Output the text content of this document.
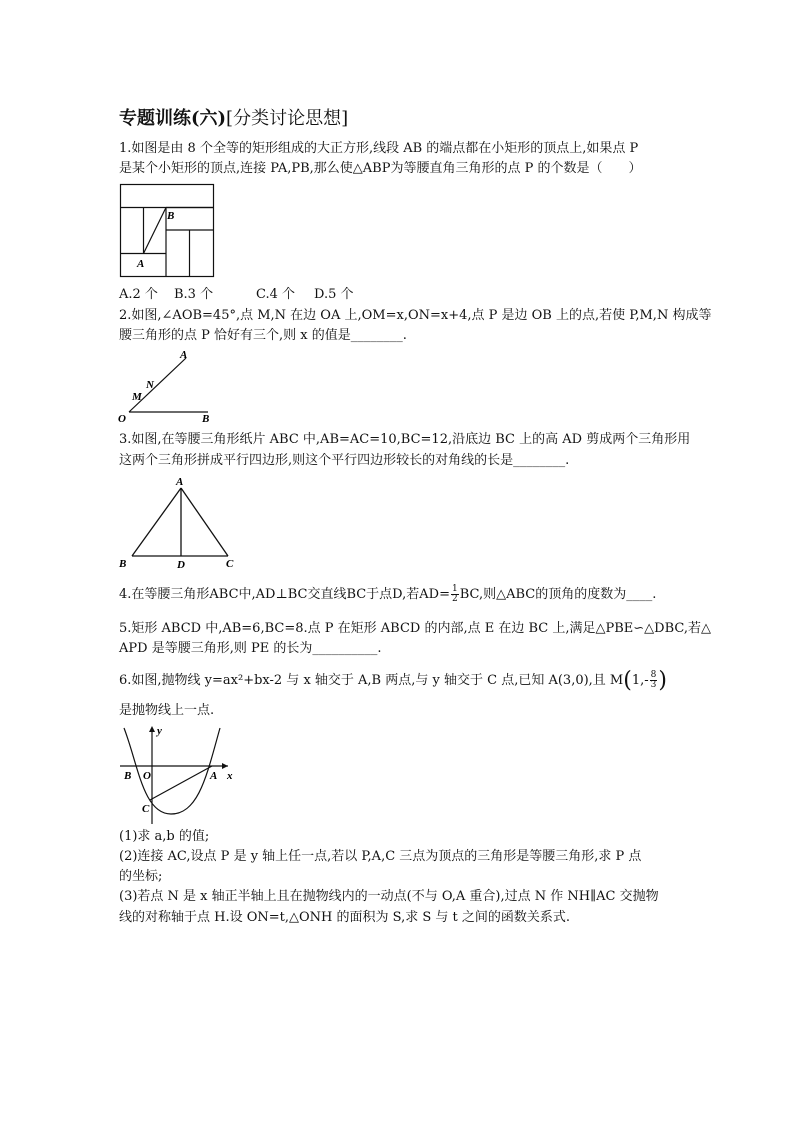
专题训练(六)[分类讨论思想]
1.如图是由 8 个全等的矩形组成的大正方形,线段 AB 的端点都在小矩形的顶点上,如果点 P
是某个小矩形的顶点,连接 PA,PB,那么使△ABP为等腰直角三角形的点 P 的个数是（　　）
B
A
A.2 个 B.3 个	C.4 个 D.5 个
2.如图,∠AOB=45°,点 M,N 在边 OA 上,OM=x,ON=x+4,点 P 是边 OB 上的点,若使 P,M,N 构成等
腰三角形的点 P 恰好有三个,则 x 的值是________.
A
N
M
O	B
3.如图,在等腰三角形纸片 ABC 中,AB=AC=10,BC=12,沿底边 BC 上的高 AD 剪成两个三角形用
这两个三角形拼成平行四边形,则这个平行四边形较长的对角线的长是________.
A
B	D	C
4.在等腰三角形ABC中,AD⊥BC交直线BC于点D,若$AD= \frac{1}{2}$ BC,则△ABC的顶角的度数为____.
5.矩形 ABCD 中,AB=6,BC=8.点 P 在矩形 ABCD 的内部,点 E 在边 BC 上,满足△PBE∽△DBC,若△
APD 是等腰三角形,则 PE 的长为__________.
6.如图,抛物线 y=ax²+bx-2 与 x 轴交于 A,B 两点,与 y 轴交于 C 点,已知 A(3,0),且 $M(1,- \frac{8}{3}$ )
是抛物线上一点.
y
x
B O	A
C
(1)求 a,b 的值;
(2)连接 AC,设点 P 是 y 轴上任一点,若以 P,A,C 三点为顶点的三角形是等腰三角形,求 P 点
的坐标;
(3)若点 N 是 x 轴正半轴上且在抛物线内的一动点(不与 O,A 重合),过点 N 作 NH∥AC 交抛物
线的对称轴于点 H.设 ON=t,△ONH 的面积为 S,求 S 与 t 之间的函数关系式.
